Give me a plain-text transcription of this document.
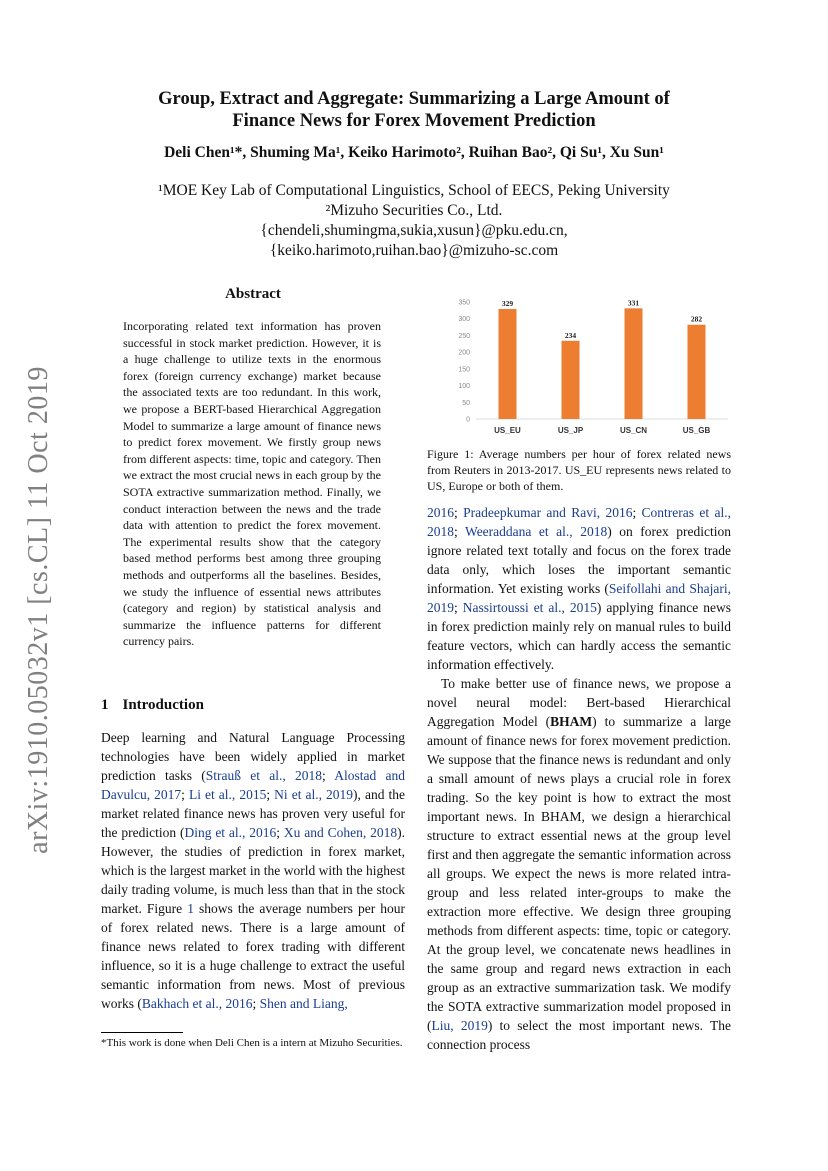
arXiv:1910.05032v1 [cs.CL] 11 Oct 2019
Group, Extract and Aggregate: Summarizing a Large Amount of
Finance News for Forex Movement Prediction
Deli Chen¹*, Shuming Ma¹, Keiko Harimoto², Ruihan Bao², Qi Su¹, Xu Sun¹
¹MOE Key Lab of Computational Linguistics, School of EECS, Peking University
²Mizuho Securities Co., Ltd.
{chendeli,shumingma,sukia,xusun}@pku.edu.cn,
{keiko.harimoto,ruihan.bao}@mizuho-sc.com
Abstract
Incorporating related text information has proven successful in stock market prediction. However, it is a huge challenge to utilize texts in the enormous forex (foreign currency exchange) market because the associated texts are too redundant. In this work, we propose a BERT-based Hierarchical Aggregation Model to summarize a large amount of finance news to predict forex movement. We firstly group news from different aspects: time, topic and category. Then we extract the most crucial news in each group by the SOTA extractive summarization method. Finally, we conduct interaction between the news and the trade data with attention to predict the forex movement. The experimental results show that the category based method performs best among three grouping methods and outperforms all the baselines. Besides, we study the influence of essential news attributes (category and region) by statistical analysis and summarize the influence patterns for different currency pairs.
1 Introduction

Deep learning and Natural Language Processing technologies have been widely applied in market prediction tasks (Strauß et al., 2018; Alostad and Davulcu, 2017; Li et al., 2015; Ni et al., 2019), and the market related finance news has proven very useful for the prediction (Ding et al., 2016; Xu and Cohen, 2018). However, the studies of prediction in forex market, which is the largest market in the world with the highest daily trading volume, is much less than that in the stock market. Figure 1 shows the average numbers per hour of forex related news. There is a large amount of finance news related to forex trading with different influence, so it is a huge challenge to extract the useful semantic information from news. Most of previous works (Bakhach et al., 2016; Shen and Liang,

*This work is done when Deli Chen is a intern at Mizuho Securities.
0
50
100
150
200
250
300
350	329
US_EU
234
US_JP
331
US_CN
282
US_GB
Figure 1: Average numbers per hour of forex related news from Reuters in 2013-2017. US_EU represents news related to US, Europe or both of them.

2016; Pradeepkumar and Ravi, 2016; Contreras et al., 2018; Weeraddana et al., 2018) on forex prediction ignore related text totally and focus on the forex trade data only, which loses the important semantic information. Yet existing works (Seifollahi and Shajari, 2019; Nassirtoussi et al., 2015) applying finance news in forex prediction mainly rely on manual rules to build feature vectors, which can hardly access the semantic information effectively.

To make better use of finance news, we propose a novel neural model: Bert-based Hierarchical Aggregation Model (BHAM) to summarize a large amount of finance news for forex movement prediction. We suppose that the finance news is redundant and only a small amount of news plays a crucial role in forex trading. So the key point is how to extract the most important news. In BHAM, we design a hierarchical structure to extract essential news at the group level first and then aggregate the semantic information across all groups. We expect the news is more related intra-group and less related inter-groups to make the extraction more effective. We design three grouping methods from different aspects: time, topic or category. At the group level, we concatenate news headlines in the same group and regard news extraction in each group as an extractive summarization task. We modify the SOTA extractive summarization model proposed in (Liu, 2019) to select the most important news. The connection process
